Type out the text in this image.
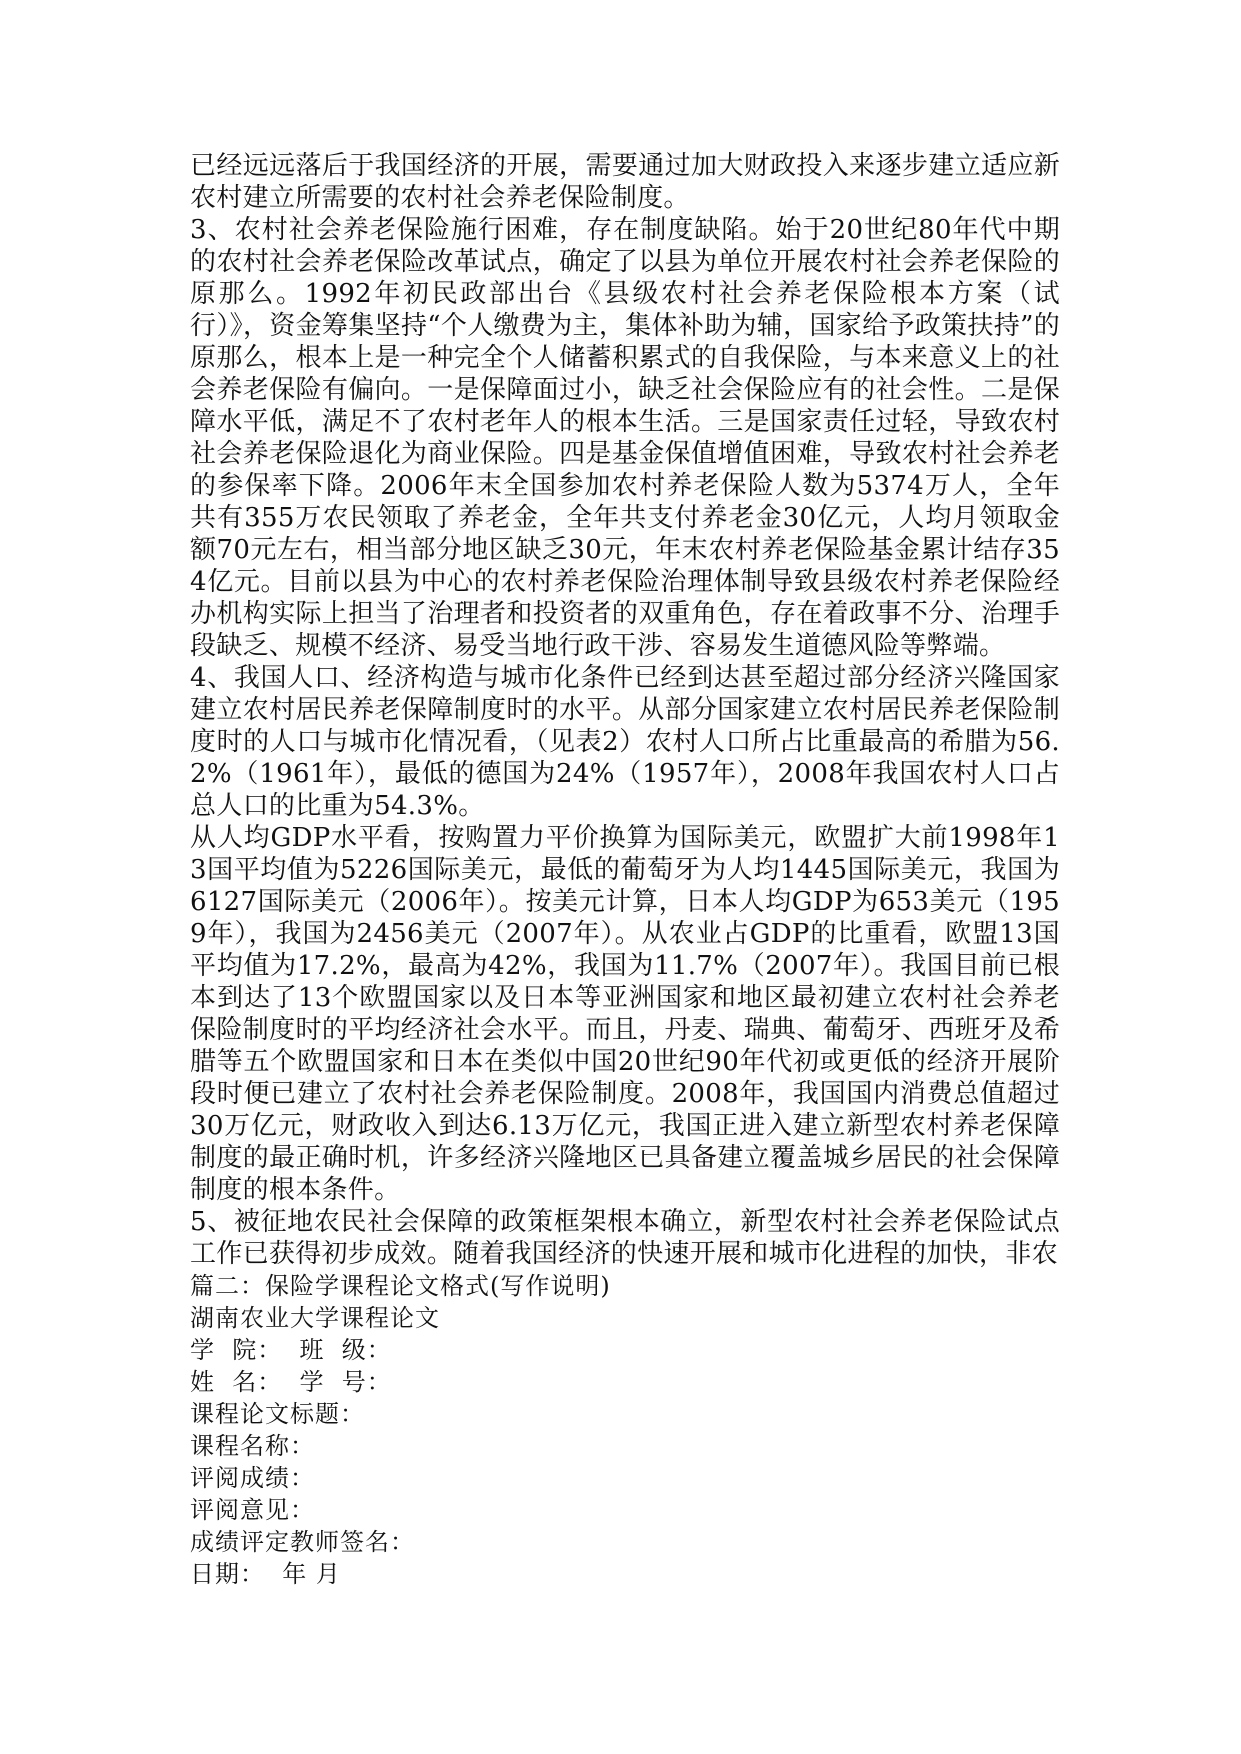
已经远远落后于我国经济的开展，需要通过加大财政投入来逐步建立适应新农村建立所需要的农村社会养老保险制度。

3、农村社会养老保险施行困难，存在制度缺陷。始于20世纪80年代中期的农村社会养老保险改革试点，确定了以县为单位开展农村社会养老保险的原那么。1992年初民政部出台《县级农村社会养老保险根本方案（试行）》，资金筹集坚持“个人缴费为主，集体补助为辅，国家给予政策扶持”的原那么，根本上是一种完全个人储蓄积累式的自我保险，与本来意义上的社会养老保险有偏向。一是保障面过小，缺乏社会保险应有的社会性。二是保障水平低，满足不了农村老年人的根本生活。三是国家责任过轻，导致农村社会养老保险退化为商业保险。四是基金保值增值困难，导致农村社会养老的参保率下降。2006年末全国参加农村养老保险人数为5374万人，全年共有355万农民领取了养老金，全年共支付养老金30亿元，人均月领取金额70元左右，相当部分地区缺乏30元，年末农村养老保险基金累计结存354亿元。目前以县为中心的农村养老保险治理体制导致县级农村养老保险经办机构实际上担当了治理者和投资者的双重角色，存在着政事不分、治理手段缺乏、规模不经济、易受当地行政干涉、容易发生道德风险等弊端。

4、我国人口、经济构造与城市化条件已经到达甚至超过部分经济兴隆国家建立农村居民养老保障制度时的水平。从部分国家建立农村居民养老保险制度时的人口与城市化情况看，（见表2）农村人口所占比重最高的希腊为56.2%（1961年），最低的德国为24%（1957年），2008年我国农村人口占总人口的比重为54.3%。

从人均GDP水平看，按购置力平价换算为国际美元，欧盟扩大前1998年13国平均值为5226国际美元，最低的葡萄牙为人均1445国际美元，我国为6127国际美元（2006年）。按美元计算，日本人均GDP为653美元（1959年），我国为2456美元（2007年）。从农业占GDP的比重看，欧盟13国平均值为17.2%，最高为42%，我国为11.7%（2007年）。我国目前已根本到达了13个欧盟国家以及日本等亚洲国家和地区最初建立农村社会养老保险制度时的平均经济社会水平。而且，丹麦、瑞典、葡萄牙、西班牙及希腊等五个欧盟国家和日本在类似中国20世纪90年代初或更低的经济开展阶段时便已建立了农村社会养老保险制度。2008年，我国国内消费总值超过30万亿元，财政收入到达6.13万亿元，我国正进入建立新型农村养老保障制度的最正确时机，许多经济兴隆地区已具备建立覆盖城乡居民的社会保障制度的根本条件。

5、被征地农民社会保障的政策框架根本确立，新型农村社会养老保险试点工作已获得初步成效。随着我国经济的快速开展和城市化进程的加快，非农

篇二：保险学课程论文格式(写作说明)

湖南农业大学课程论文

学  院：  班  级：

姓  名：  学  号：

课程论文标题：

课程名称：

评阅成绩：

评阅意见：

成绩评定教师签名：

日期：  年 月
